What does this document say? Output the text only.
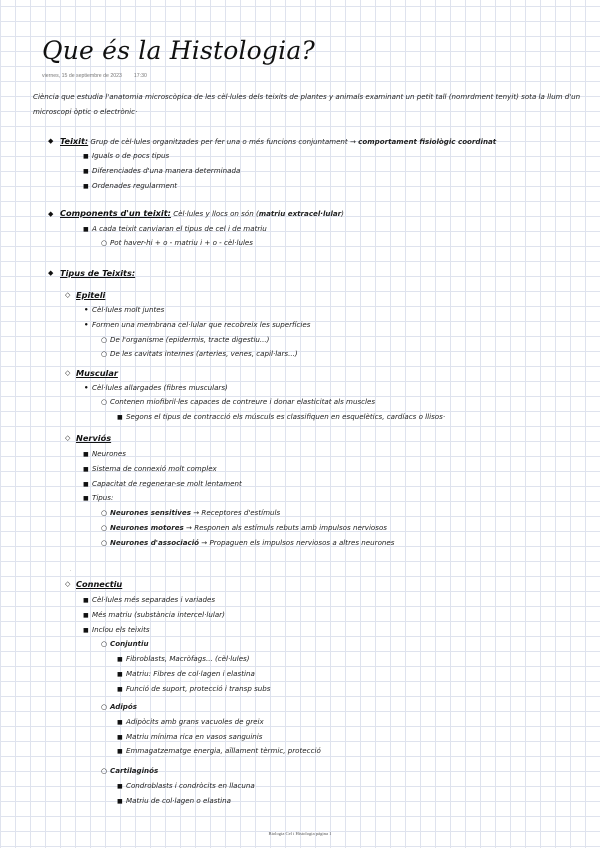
Que és la Histologia?
viernes, 15 de septiembre de 2023 17:30
Ciència que estudia l'anatomia microscòpica de les cèl·lules dels teixits de plantes y animals examinant un petit tall (nomrdment tenyit) sota la llum d'un microscopi òptic o electrònic·
◆ Teixit: Grup de cèl·lules organitzades per fer una o més funcions conjuntament → comportament fisiològic coordinat
■ Iguals o de pocs tipus
■ Diferenciades d'una manera determinada
■ Ordenades regularment
◆ Components d'un teixit: Cèl·lules y llocs on són (matriu extracel·lular)
■ A cada teixit canviaran el tipus de cel i de matriu
○ Pot haver-hi + o - matriu i + o - cèl·lules
◆ Tipus de Teixits:
◇ Epiteli
• Cèl·lules molt juntes
• Formen una membrana cel·lular que recobreix les superfícies
○ De l'organisme (epidermis, tracte digestiu...)
○ De les cavitats internes (arteries, venes, capil·lars...)
◇ Muscular
• Cèl·lules allargades (fibres musculars)
○ Contenen miofibril·les capaces de contreure i donar elasticitat als muscles
■ Segons el tipus de contracció els músculs es classifiquen en esquelètics, cardíacs o llisos·
◇ Nerviós
■ Neurones
■ Sistema de connexió molt complex
■ Capacitat de regenerar-se molt lentament
■ Tipus:
○ Neurones sensitives → Receptores d'estímuls
○ Neurones motores → Responen als estímuls rebuts amb impulsos nerviosos
○ Neurones d'associació → Propaguen els impulsos nerviosos a altres neurones
·
◇ Connectiu
■ Cèl·lules més separades i variades
■ Més matriu (substància intercel·lular)
■ Inclou els teixits
○ Conjuntiu
■ Fibroblasts, Macròfags... (cèl·lules)
■ Matriu: Fibres de col·lagen i elastina
■ Funció de suport, protecció i transp subs
○ Adipós
■ Adipòcits amb grans vacuoles de greix
■ Matriu mínima rica en vasos sanguinis
■ Emmagatzematge energia, aïllament tèrmic, protecció
○ Cartilaginós
■ Condroblasts i condròcits en llacuna
■ Matriu de col·lagen o elastina
Biologia Cel i Histologia página 1
